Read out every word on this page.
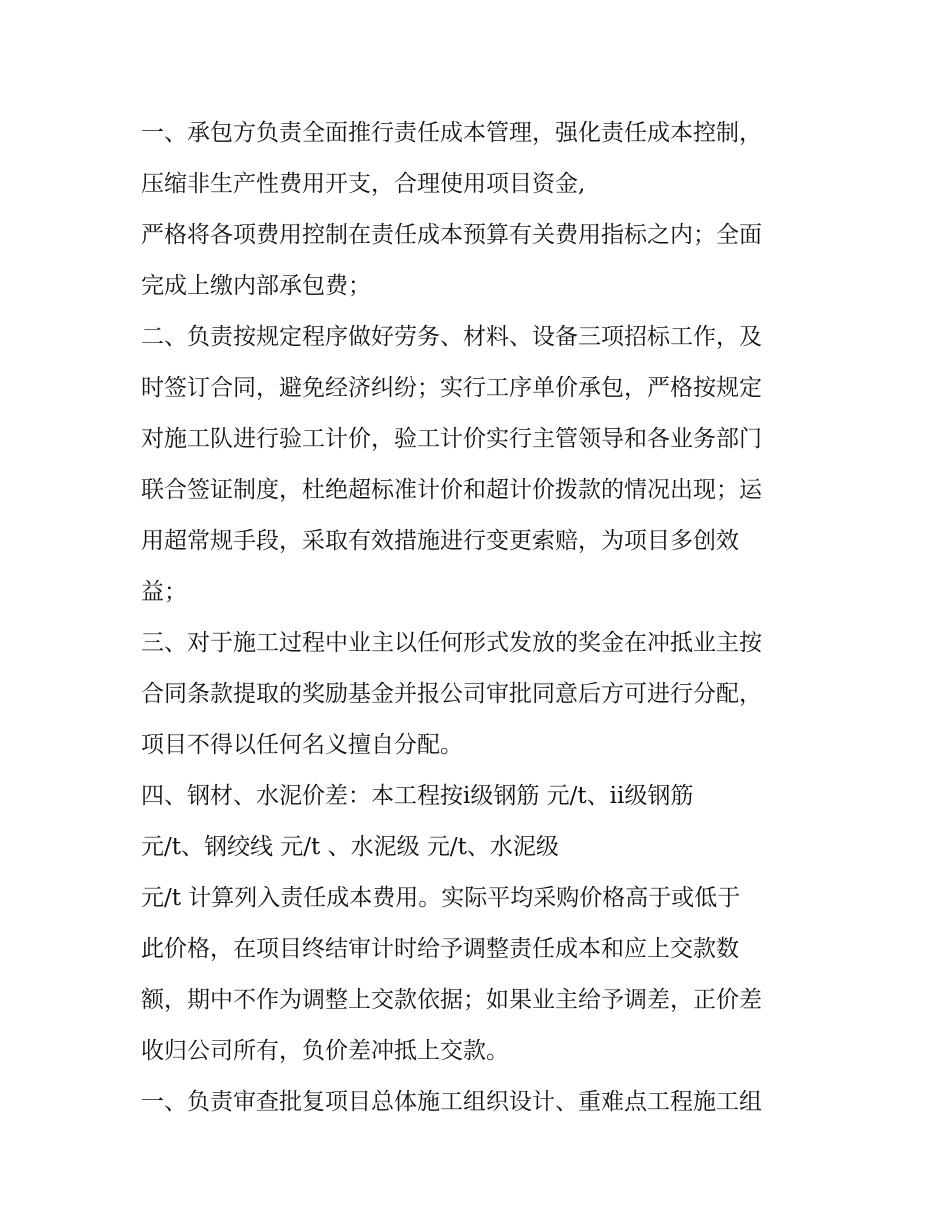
一、承包方负责全面推行责任成本管理，强化责任成本控制，
压缩非生产性费用开支，合理使用项目资金,
严格将各项费用控制在责任成本预算有关费用指标之内；全面
完成上缴内部承包费；
二、负责按规定程序做好劳务、材料、设备三项招标工作，及
时签订合同，避免经济纠纷；实行工序单价承包，严格按规定
对施工队进行验工计价，验工计价实行主管领导和各业务部门
联合签证制度，杜绝超标准计价和超计价拨款的情况出现；运
用超常规手段，采取有效措施进行变更索赔，为项目多创效
益；
三、对于施工过程中业主以任何形式发放的奖金在冲抵业主按
合同条款提取的奖励基金并报公司审批同意后方可进行分配，
项目不得以任何名义擅自分配。
四、钢材、水泥价差：本工程按ⅰ级钢筋 元/t、ⅱ级钢筋
元/t、钢绞线 元/t 、水泥级 元/t、水泥级
元/t 计算列入责任成本费用。实际平均采购价格高于或低于
此价格，在项目终结审计时给予调整责任成本和应上交款数
额，期中不作为调整上交款依据；如果业主给予调差，正价差
收归公司所有，负价差冲抵上交款。
一、负责审查批复项目总体施工组织设计、重难点工程施工组
